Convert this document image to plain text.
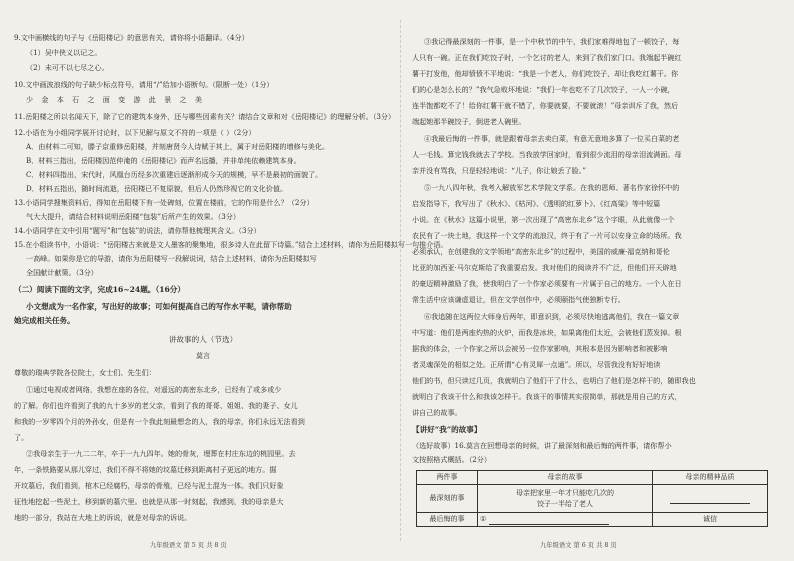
9.文中画横线的句子与《岳阳楼记》的意思有关，请你将小语翻译。（4分）
（1）吴中侠义以记之。
（2）未可不以七尽之心。
10.文中画波浪线的句子缺少标点符号，请用“/”给加小语断句。（限断一处）（1分）
少 金 本 石 之 面 变 游 此 景 之 美
11.岳阳楼之所以名闻天下，除了它的建筑本身外，还与哪些因素有关？请结合文章和对《岳阳楼记》的理解分析。（3分）
12.小语在为小组同学展开讨论时，以下见解与原文不符的一项是（ ）（2分）
A．由材料二可知，滕子京重修岳阳楼，并刻唐贤今人诗赋于其上，属于对岳阳楼的增修与美化。
B．材料三指出，岳阳楼因范仲淹的《岳阳楼记》而声名远播，并非单纯依赖建筑本身。
C．材料四指出，宋代时，风凰台历经多次重建后逐渐形成今天的规模，早不是最初的面貌了。
D．材料五指出，随时间流逝，岳阳楼已不复原貌，但后人仍然珍视它的文化价值。
13.小语同学搜集资料后，得知在岳阳楼下有一处碑刻，位置在楼前，它的作用是什么？（2分）
气大大提升，请结合材料说明岳阳楼“包装”后所产生的效果。（3分）
14.小语同学在文中引用“题写”和“包装”的说法，请你帮他梳理其含义。（3分）
15.在小组读书中，小语说：“岳阳楼古来就是文人墨客的聚集地，很多诗人在此留下诗篇。”结合上述材料，请你为岳阳楼拟写一句推介语。
一高峰。如果你是它的导游，请你为岳阳楼写一段解说词，结合上述材料，请你为岳阳楼拟写
全国献计献策。（3分）
（二）阅读下面的文字，完成16~24题。（16分）
小文想成为一名作家，写出好的故事；可如何提高自己的写作水平呢，请你帮助
她完成相关任务。
讲故事的人（节选）
莫言
尊敬的瑞典学院各位院士，女士们、先生们：
①通过电视或者网络，我想在座的各位，对遥远的高密东北乡，已经有了或多或少
的了解。你们也许看到了我的九十多岁的老父亲，看到了我的哥哥、姐姐、我的妻子、女儿
和我的一岁零四个月的外孙女，但是有一个我此刻最想念的人，我的母亲，你们永远无法看到
了。
②我母亲生于一九二二年，卒于一九九四年。她的骨灰，埋葬在村庄东边的桃园里。去
年，一条铁路要从那儿穿过，我们不得不将她的坟墓迁移到距离村子更远的地方。掘
开坟墓后，我们看到，棺木已经腐朽，母亲的骨殖，已经与泥土混为一体。我们只好象
征性地挖起一些泥土，移到新的墓穴里。也就是从那一时刻起，我感到，我的母亲是大
地的一部分，我站在大地上的诉说，就是对母亲的诉说。
九年级语文 第 5 页 共 8 页
③我记得最深刻的一件事，是一个中秋节的中午，我们家难得地包了一顿饺子，每
人只有一碗。正在我们吃饺子时，一个乞讨的老人，来到了我们家门口。我端起半碗红
薯干打发他，他却愤愤不平地说：“我是一个老人，你们吃饺子，却让我吃红薯干。你
们的心是怎么长的？”我气急败坏地说：“我们一年也吃不了几次饺子，一人一小碗，
连半饱都吃不了！给你红薯干就不错了，你要就要，不要就滚！”母亲训斥了我，然后
端起她那半碗饺子，倒进老人碗里。
④我最后悔的一件事，就是跟着母亲去卖白菜，有意无意地多算了一位买白菜的老
人一毛钱。算完钱我就去了学校。当我放学回家时，看到很少流泪的母亲泪流满面。母
亲并没有骂我，只是轻轻地说：“儿子，你让娘丢了脸。”
⑤一九八四年秋，我考入解放军艺术学院文学系。在我的恩师、著名作家徐怀中的
启发指导下，我写出了《秋水》、《枯河》、《透明的红萝卜》、《红高粱》等中短篇
小说。在《秋水》这篇小说里，第一次出现了“高密东北乡”这个字眼，从此就像一个
农民有了一块土地，我这样一个文学的流浪汉，终于有了一片可以安身立命的场所。我
必须承认，在创建我的文学领地“高密东北乡”的过程中，美国的威廉·福克纳和哥伦
比亚的加西亚·马尔克斯给了我重要启发。我对他们的阅读并不广泛，但他们开天辟地
的豪迈精神激励了我，使我明白了一个作家必须要有一片属于自己的地方。一个人在日
常生活中应该谦虚退让，但在文学创作中，必须颐指气使独断专行。
⑥我追随在这两位大师身后两年，即意识到，必须尽快地逃离他们，我在一篇文章
中写道：他们是两座灼热的火炉，而我是冰块，如果离他们太近，会被他们蒸发掉。根
据我的体会，一个作家之所以会被另一位作家影响，其根本是因为影响者和被影响
者灵魂深处的相似之处。正所谓“心有灵犀一点通”。所以，尽管我没有好好地读
他们的书，但只读过几页，我就明白了他们干了什么，也明白了他们是怎样干的，随即我也
就明白了我该干什么和我该怎样干。我该干的事情其实很简单，那就是用自己的方式，
讲自己的故事。
【讲好“我”的故事】
（选好故事）16.莫言在回想母亲的时候，讲了最深刻和最后悔的两件事，请你帮小
文按照格式概括。（2分）
两件事	母亲的故事	母亲的精神品质
最深刻的事	母亲把家里一年才只能吃几次的
饺子一半给了老人	

最后悔的事	①	诚信
九年级语文 第 6 页 共 8 页
